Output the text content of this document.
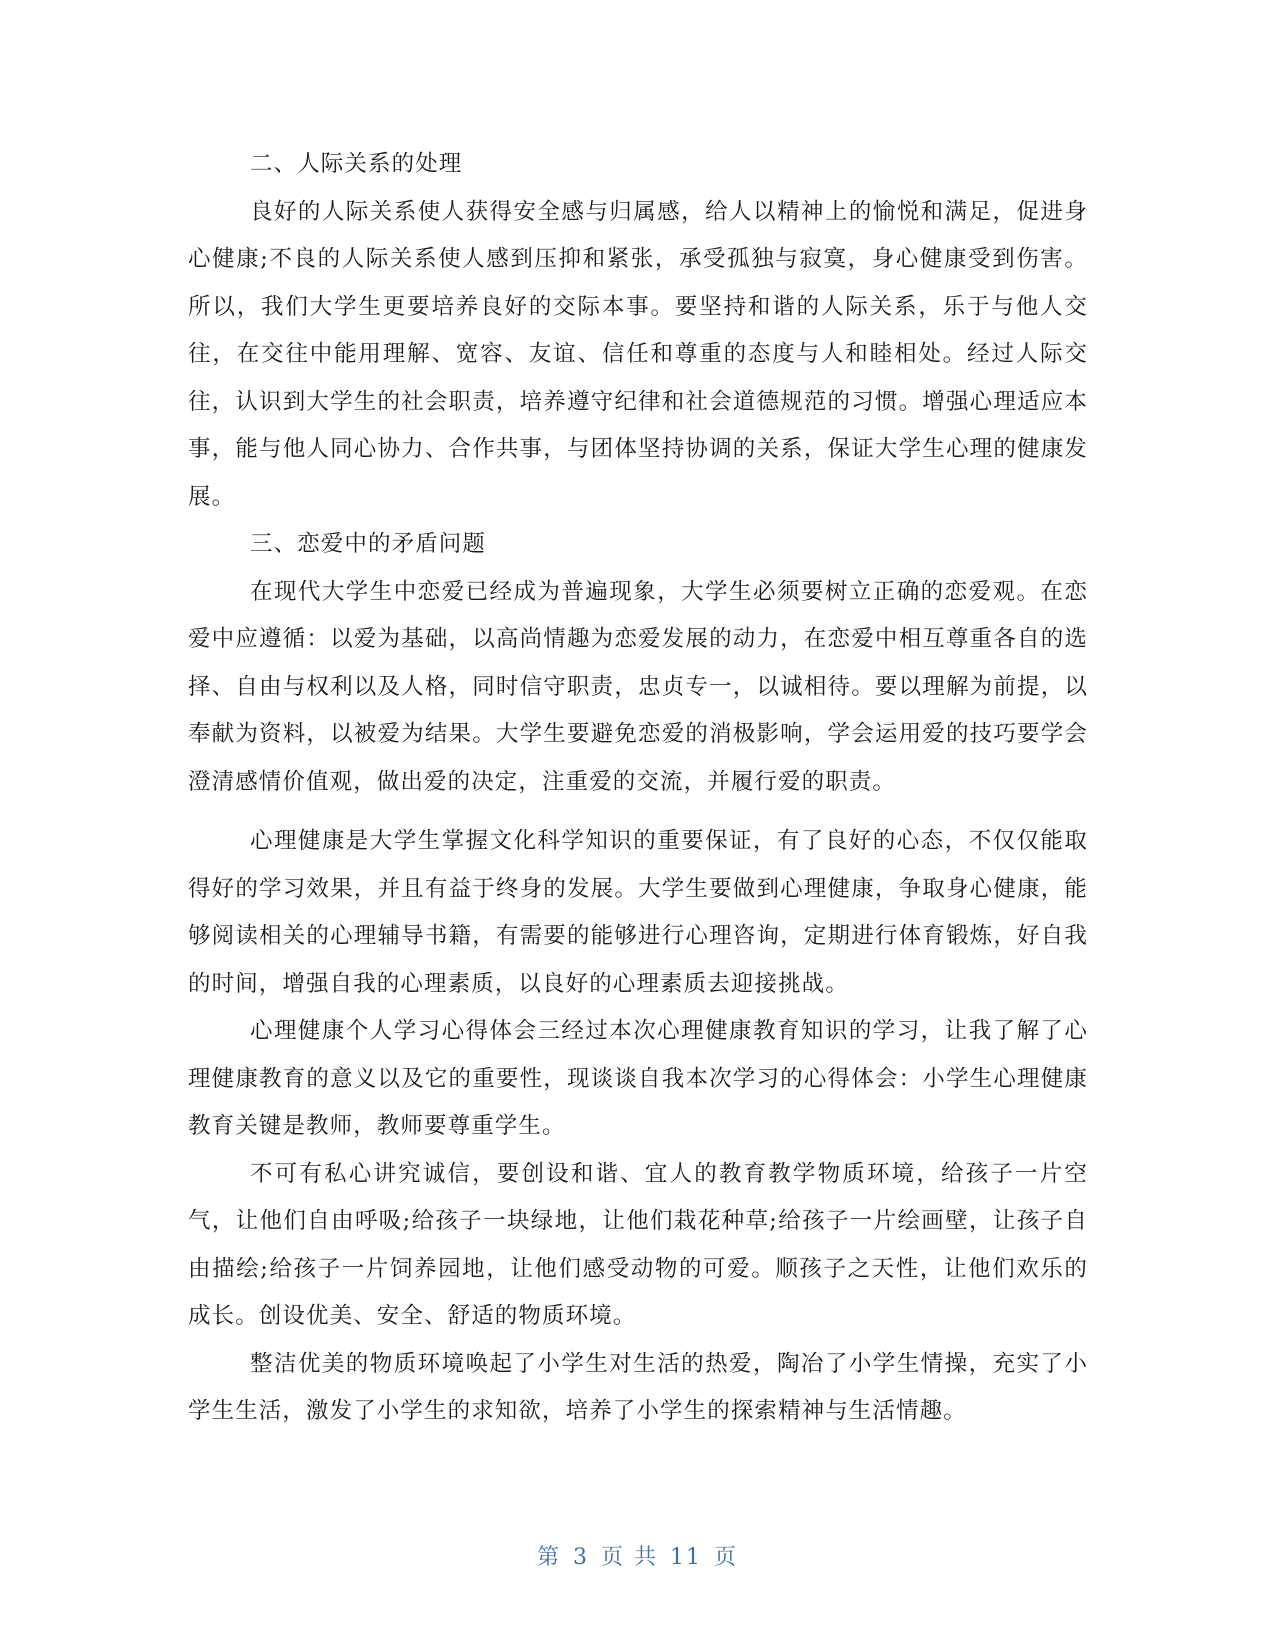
二、人际关系的处理

良好的人际关系使人获得安全感与归属感，给人以精神上的愉悦和满足，促进身心健康;不良的人际关系使人感到压抑和紧张，承受孤独与寂寞，身心健康受到伤害。所以，我们大学生更要培养良好的交际本事。要坚持和谐的人际关系，乐于与他人交往，在交往中能用理解、宽容、友谊、信任和尊重的态度与人和睦相处。经过人际交往，认识到大学生的社会职责，培养遵守纪律和社会道德规范的习惯。增强心理适应本事，能与他人同心协力、合作共事，与团体坚持协调的关系，保证大学生心理的健康发展。

三、恋爱中的矛盾问题

在现代大学生中恋爱已经成为普遍现象，大学生必须要树立正确的恋爱观。在恋爱中应遵循：以爱为基础，以高尚情趣为恋爱发展的动力，在恋爱中相互尊重各自的选择、自由与权利以及人格，同时信守职责，忠贞专一，以诚相待。要以理解为前提，以奉献为资料，以被爱为结果。大学生要避免恋爱的消极影响，学会运用爱的技巧要学会澄清感情价值观，做出爱的决定，注重爱的交流，并履行爱的职责。

心理健康是大学生掌握文化科学知识的重要保证，有了良好的心态，不仅仅能取得好的学习效果，并且有益于终身的发展。大学生要做到心理健康，争取身心健康，能够阅读相关的心理辅导书籍，有需要的能够进行心理咨询，定期进行体育锻炼，好自我的时间，增强自我的心理素质，以良好的心理素质去迎接挑战。

心理健康个人学习心得体会三经过本次心理健康教育知识的学习，让我了解了心理健康教育的意义以及它的重要性，现谈谈自我本次学习的心得体会：小学生心理健康教育关键是教师，教师要尊重学生。

不可有私心讲究诚信，要创设和谐、宜人的教育教学物质环境，给孩子一片空气，让他们自由呼吸;给孩子一块绿地，让他们栽花种草;给孩子一片绘画壁，让孩子自由描绘;给孩子一片饲养园地，让他们感受动物的可爱。顺孩子之天性，让他们欢乐的成长。创设优美、安全、舒适的物质环境。

整洁优美的物质环境唤起了小学生对生活的热爱，陶冶了小学生情操，充实了小学生生活，激发了小学生的求知欲，培养了小学生的探索精神与生活情趣。

第 3 页 共 11 页
